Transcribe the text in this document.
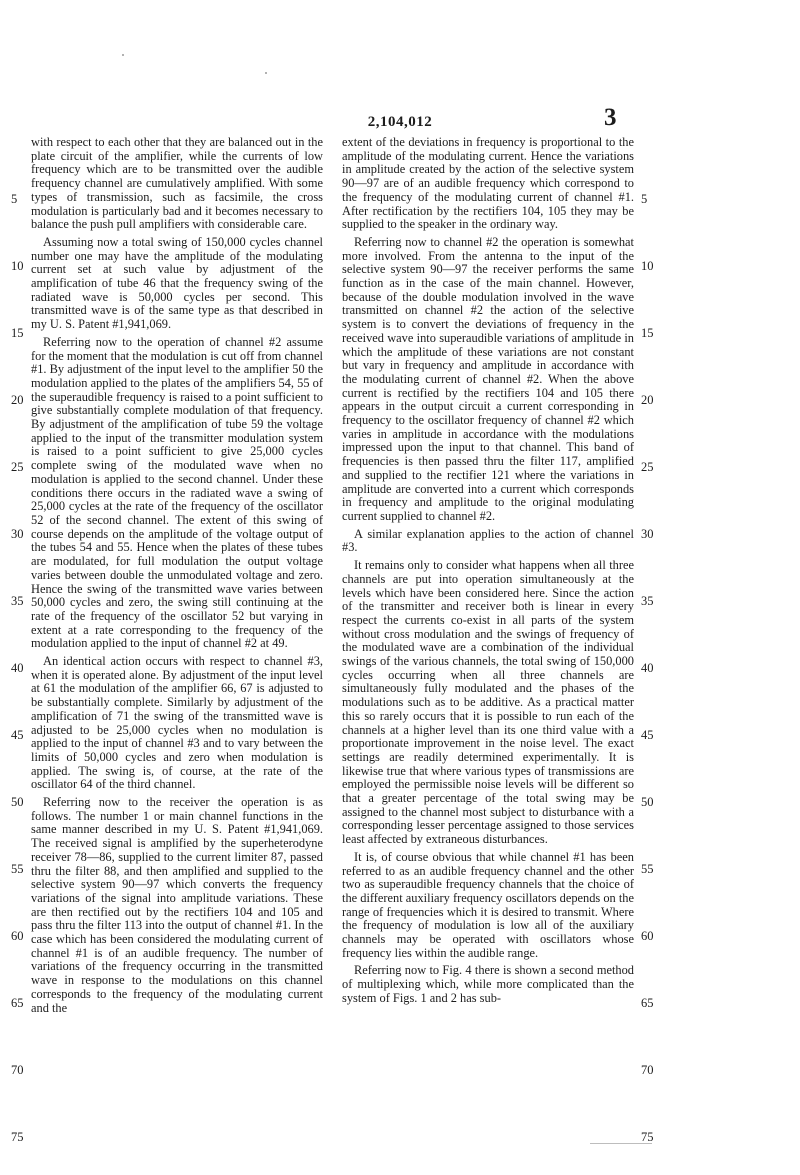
2,104,012	3
5
10
15
20
25
30
35
40
45
50
55
60
65
70
75
5
10
15
20
25
30
35
40
45
50
55
60
65
70
75

with respect to each other that they are balanced out in the plate circuit of the amplifier, while the currents of low frequency which are to be transmitted over the audible frequency channel are cumulatively amplified. With some types of transmission, such as facsimile, the cross modulation is particularly bad and it becomes necessary to balance the push pull amplifiers with considerable care.

Assuming now a total swing of 150,000 cycles channel number one may have the amplitude of the modulating current set at such value by adjustment of the amplification of tube 46 that the frequency swing of the radiated wave is 50,000 cycles per second. This transmitted wave is of the same type as that described in my U. S. Patent #1,941,069.

Referring now to the operation of channel #2 assume for the moment that the modulation is cut off from channel #1. By adjustment of the input level to the amplifier 50 the modulation applied to the plates of the amplifiers 54, 55 of the superaudible frequency is raised to a point sufficient to give substantially complete modulation of that frequency. By adjustment of the amplification of tube 59 the voltage applied to the input of the transmitter modulation system is raised to a point sufficient to give 25,000 cycles complete swing of the modulated wave when no modulation is applied to the second channel. Under these conditions there occurs in the radiated wave a swing of 25,000 cycles at the rate of the frequency of the oscillator 52 of the second channel. The extent of this swing of course depends on the amplitude of the voltage output of the tubes 54 and 55. Hence when the plates of these tubes are modulated, for full modulation the output voltage varies between double the unmodulated voltage and zero. Hence the swing of the transmitted wave varies between 50,000 cycles and zero, the swing still continuing at the rate of the frequency of the oscillator 52 but varying in extent at a rate corresponding to the frequency of the modulation applied to the input of channel #2 at 49.

An identical action occurs with respect to channel #3, when it is operated alone. By adjustment of the input level at 61 the modulation of the amplifier 66, 67 is adjusted to be substantially complete. Similarly by adjustment of the amplification of 71 the swing of the transmitted wave is adjusted to be 25,000 cycles when no modulation is applied to the input of channel #3 and to vary between the limits of 50,000 cycles and zero when modulation is applied. The swing is, of course, at the rate of the oscillator 64 of the third channel.

Referring now to the receiver the operation is as follows. The number 1 or main channel functions in the same manner described in my U. S. Patent #1,941,069. The received signal is amplified by the superheterodyne receiver 78—86, supplied to the current limiter 87, passed thru the filter 88, and then amplified and supplied to the selective system 90—97 which converts the frequency variations of the signal into amplitude variations. These are then rectified out by the rectifiers 104 and 105 and pass thru the filter 113 into the output of channel #1. In the case which has been considered the modulating current of channel #1 is of an audible frequency. The number of variations of the frequency occurring in the transmitted wave in response to the modulations on this channel corresponds to the frequency of the modulating current and the

extent of the deviations in frequency is proportional to the amplitude of the modulating current. Hence the variations in amplitude created by the action of the selective system 90—97 are of an audible frequency which correspond to the frequency of the modulating current of channel #1. After rectification by the rectifiers 104, 105 they may be supplied to the speaker in the ordinary way.

Referring now to channel #2 the operation is somewhat more involved. From the antenna to the input of the selective system 90—97 the receiver performs the same function as in the case of the main channel. However, because of the double modulation involved in the wave transmitted on channel #2 the action of the selective system is to convert the deviations of frequency in the received wave into superaudible variations of amplitude in which the amplitude of these variations are not constant but vary in frequency and amplitude in accordance with the modulating current of channel #2. When the above current is rectified by the rectifiers 104 and 105 there appears in the output circuit a current corresponding in frequency to the oscillator frequency of channel #2 which varies in amplitude in accordance with the modulations impressed upon the input to that channel. This band of frequencies is then passed thru the filter 117, amplified and supplied to the rectifier 121 where the variations in amplitude are converted into a current which corresponds in frequency and amplitude to the original modulating current supplied to channel #2.

A similar explanation applies to the action of channel #3.

It remains only to consider what happens when all three channels are put into operation simultaneously at the levels which have been considered here. Since the action of the transmitter and receiver both is linear in every respect the currents co-exist in all parts of the system without cross modulation and the swings of frequency of the modulated wave are a combination of the individual swings of the various channels, the total swing of 150,000 cycles occurring when all three channels are simultaneously fully modulated and the phases of the modulations such as to be additive. As a practical matter this so rarely occurs that it is possible to run each of the channels at a higher level than its one third value with a proportionate improvement in the noise level. The exact settings are readily determined experimentally. It is likewise true that where various types of transmissions are employed the permissible noise levels will be different so that a greater percentage of the total swing may be assigned to the channel most subject to disturbance with a corresponding lesser percentage assigned to those services least affected by extraneous disturbances.

It is, of course obvious that while channel #1 has been referred to as an audible frequency channel and the other two as superaudible frequency channels that the choice of the different auxiliary frequency oscillators depends on the range of frequencies which it is desired to transmit. Where the frequency of modulation is low all of the auxiliary channels may be operated with oscillators whose frequency lies within the audible range.

Referring now to Fig. 4 there is shown a second method of multiplexing which, while more complicated than the system of Figs. 1 and 2 has sub-
